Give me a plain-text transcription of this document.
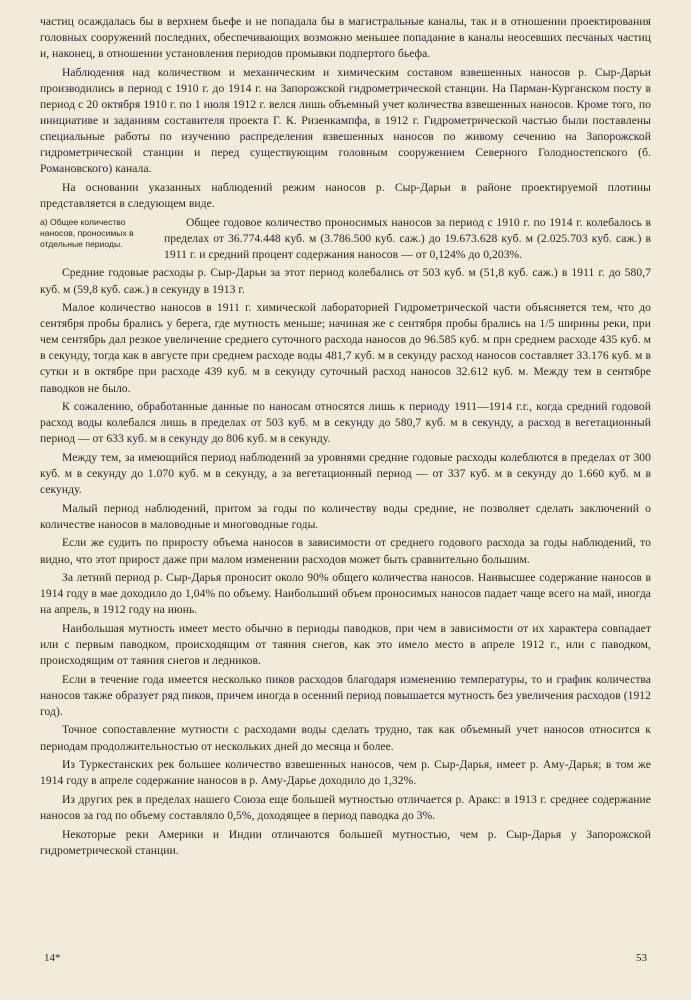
частиц осаждалась бы в верхнем бьефе и не попадала бы в магистральные каналы, так и в отношении проектирования головных сооружений последних, обеспечивающих возможно меньшее попадание в каналы неосевших песчаных частиц и, наконец, в отношении установления периодов промывки подпертого бьефа.

Наблюдения над количеством и механическим и химическим составом взвешенных наносов р. Сыр-Дарьи производились в период с 1910 г. до 1914 г. на Запорожской гидрометрической станции. На Парман-Курганском посту в период с 20 октября 1910 г. по 1 июля 1912 г. велся лишь объемный учет количества взвешенных наносов. Кроме того, по инициативе и заданиям составителя проекта Г. К. Ризенкампфа, в 1912 г. Гидрометрической частью были поставлены специальные работы по изучению распределения взвешенных наносов по живому сечению на Запорожской гидрометрической станции и перед существующим головным сооружением Северного Голодностепского (б. Романовского) канала.

На основании указанных наблюдений режим наносов р. Сыр-Дарьи в районе проектируемой плотины представляется в следующем виде.

а) Общее количество наносов, проносимых в отдельные периоды.

Общее годовое количество проносимых наносов за период с 1910 г. по 1914 г. колебалось в пределах от 36.774.448 куб. м (3.786.500 куб. саж.) до 19.673.628 куб. м (2.025.703 куб. саж.) в 1911 г. и средний процент содержания наносов — от 0,124% до 0,203%.

Средние годовые расходы р. Сыр-Дарьи за этот период колебались от 503 куб. м (51,8 куб. саж.) в 1911 г. до 580,7 куб. м (59,8 куб. саж.) в секунду в 1913 г.

Малое количество наносов в 1911 г. химической лабораторией Гидрометрической части объясняется тем, что до сентября пробы брались у берега, где мутность меньше; начиная же с сентября пробы брались на 1/5 ширины реки, при чем сентябрь дал резкое увеличение среднего суточного расхода наносов до 96.585 куб. м при среднем расходе 435 куб. м в секунду, тогда как в августе при среднем расходе воды 481,7 куб. м в секунду расход наносов составляет 33.176 куб. м в сутки и в октябре при расходе 439 куб. м в секунду суточный расход наносов 32.612 куб. м. Между тем в сентябре паводков не было.

К сожалению, обработанные данные по наносам относятся лишь к периоду 1911—1914 г.г., когда средний годовой расход воды колебался лишь в пределах от 503 куб. м в секунду до 580,7 куб. м в секунду, а расход в вегетационный период — от 633 куб. м в секунду до 806 куб. м в секунду.

Между тем, за имеющийся период наблюдений за уровнями средние годовые расходы колеблются в пределах от 300 куб. м в секунду до 1.070 куб. м в секунду, а за вегетационный период — от 337 куб. м в секунду до 1.660 куб. м в секунду.

Малый период наблюдений, притом за годы по количеству воды средние, не позволяет сделать заключений о количестве наносов в маловодные и многоводные годы.

Если же судить по приросту объема наносов в зависимости от среднего годового расхода за годы наблюдений, то видно, что этот прирост даже при малом изменении расходов может быть сравнительно большим.

За летний период р. Сыр-Дарья проносит около 90% общего количества наносов. Наивысшее содержание наносов в 1914 году в мае доходило до 1,04% по объему. Наибольший объем проносимых наносов падает чаще всего на май, иногда на апрель, в 1912 году на июнь.

Наибольшая мутность имеет место обычно в периоды паводков, при чем в зависимости от их характера совпадает или с первым паводком, происходящим от таяния снегов, как это имело место в апреле 1912 г., или с паводком, происходящим от таяния снегов и ледников.

Если в течение года имеется несколько пиков расходов благодаря изменению температуры, то и график количества наносов также образует ряд пиков, причем иногда в осенний период повышается мутность без увеличения расходов (1912 год).

Точное сопоставление мутности с расходами воды сделать трудно, так как объемный учет наносов относится к периодам продолжительностью от нескольких дней до месяца и более.

Из Туркестанских рек большее количество взвешенных наносов, чем р. Сыр-Дарья, имеет р. Аму-Дарья; в том же 1914 году в апреле содержание наносов в р. Аму-Дарье доходило до 1,32%.

Из других рек в пределах нашего Союза еще большей мутностью отличается р. Аракс: в 1913 г. среднее содержание наносов за год по объему составляло 0,5%, доходящее в период паводка до 3%.

Некоторые реки Америки и Индии отличаются большей мутностью, чем р. Сыр-Дарья у Запорожской гидрометрической станции.

14*	53
